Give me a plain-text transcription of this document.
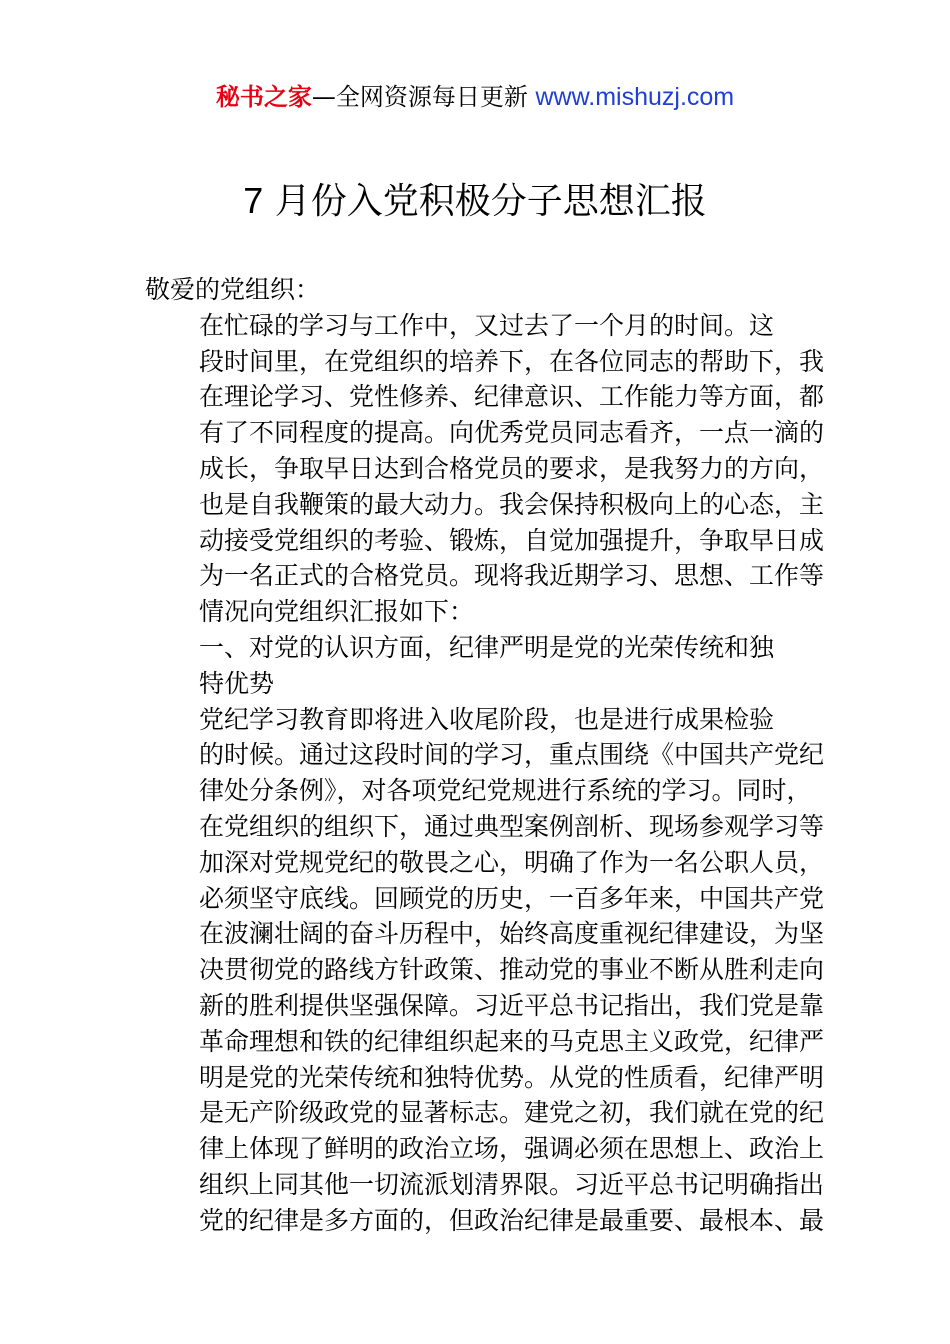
秘书之家—全网资源每日更新 www.mishuzj.com
7 月份入党积极分子思想汇报

敬爱的党组织：

在忙碌的学习与工作中，又过去了一个月的时间。这
段时间里，在党组织的培养下，在各位同志的帮助下，我
在理论学习、党性修养、纪律意识、工作能力等方面，都
有了不同程度的提高。向优秀党员同志看齐，一点一滴的
成长，争取早日达到合格党员的要求，是我努力的方向，
也是自我鞭策的最大动力。我会保持积极向上的心态，主
动接受党组织的考验、锻炼，自觉加强提升，争取早日成
为一名正式的合格党员。现将我近期学习、思想、工作等
情况向党组织汇报如下：

一、对党的认识方面，纪律严明是党的光荣传统和独
特优势

党纪学习教育即将进入收尾阶段，也是进行成果检验
的时候。通过这段时间的学习，重点围绕《中国共产党纪
律处分条例》，对各项党纪党规进行系统的学习。同时，
在党组织的组织下，通过典型案例剖析、现场参观学习等
加深对党规党纪的敬畏之心，明确了作为一名公职人员，
必须坚守底线。回顾党的历史，一百多年来，中国共产党
在波澜壮阔的奋斗历程中，始终高度重视纪律建设，为坚
决贯彻党的路线方针政策、推动党的事业不断从胜利走向
新的胜利提供坚强保障。习近平总书记指出，我们党是靠
革命理想和铁的纪律组织起来的马克思主义政党，纪律严
明是党的光荣传统和独特优势。从党的性质看，纪律严明
是无产阶级政党的显著标志。建党之初，我们就在党的纪
律上体现了鲜明的政治立场，强调必须在思想上、政治上
组织上同其他一切流派划清界限。习近平总书记明确指出
党的纪律是多方面的，但政治纪律是最重要、最根本、最
